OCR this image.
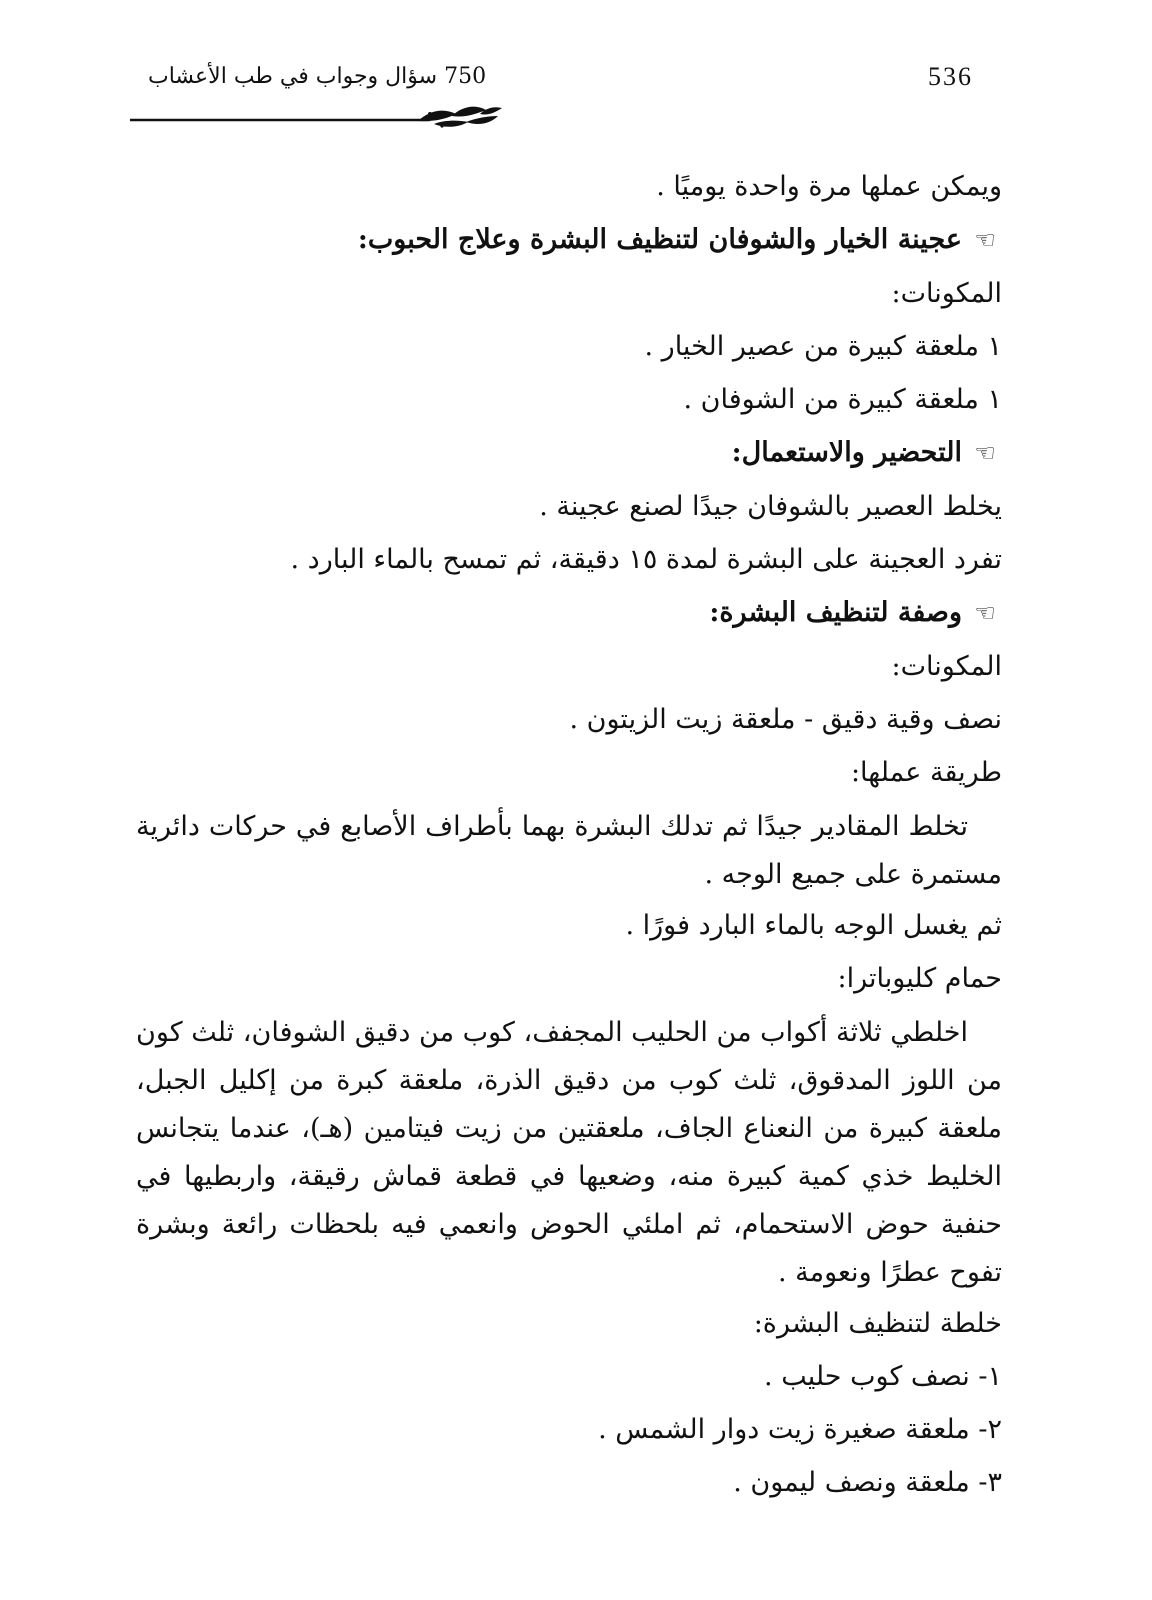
536
750 سؤال وجواب في طب الأعشاب
ويمكن عملها مرة واحدة يوميًا .
☜عجينة الخيار والشوفان لتنظيف البشرة وعلاج الحبوب:
المكونات:
١ ملعقة كبيرة من عصير الخيار .
١ ملعقة كبيرة من الشوفان .
☜التحضير والاستعمال:
يخلط العصير بالشوفان جيدًا لصنع عجينة .
تفرد العجينة على البشرة لمدة ١٥ دقيقة، ثم تمسح بالماء البارد .
☜وصفة لتنظيف البشرة:
المكونات:
نصف وقية دقيق - ملعقة زيت الزيتون .
طريقة عملها:
تخلط المقادير جيدًا ثم تدلك البشرة بهما بأطراف الأصابع في حركات دائرية مستمرة على جميع الوجه .
ثم يغسل الوجه بالماء البارد فورًا .
حمام كليوباترا:
اخلطي ثلاثة أكواب من الحليب المجفف، كوب من دقيق الشوفان، ثلث كون من اللوز المدقوق، ثلث كوب من دقيق الذرة، ملعقة كبرة من إكليل الجبل، ملعقة كبيرة من النعناع الجاف، ملعقتين من زيت فيتامين (هـ)، عندما يتجانس الخليط خذي كمية كبيرة منه، وضعيها في قطعة قماش رقيقة، واربطيها في حنفية حوض الاستحمام، ثم املئي الحوض وانعمي فيه بلحظات رائعة وبشرة تفوح عطرًا ونعومة .
خلطة لتنظيف البشرة:
١- نصف كوب حليب .
٢- ملعقة صغيرة زيت دوار الشمس .
٣- ملعقة ونصف ليمون .
